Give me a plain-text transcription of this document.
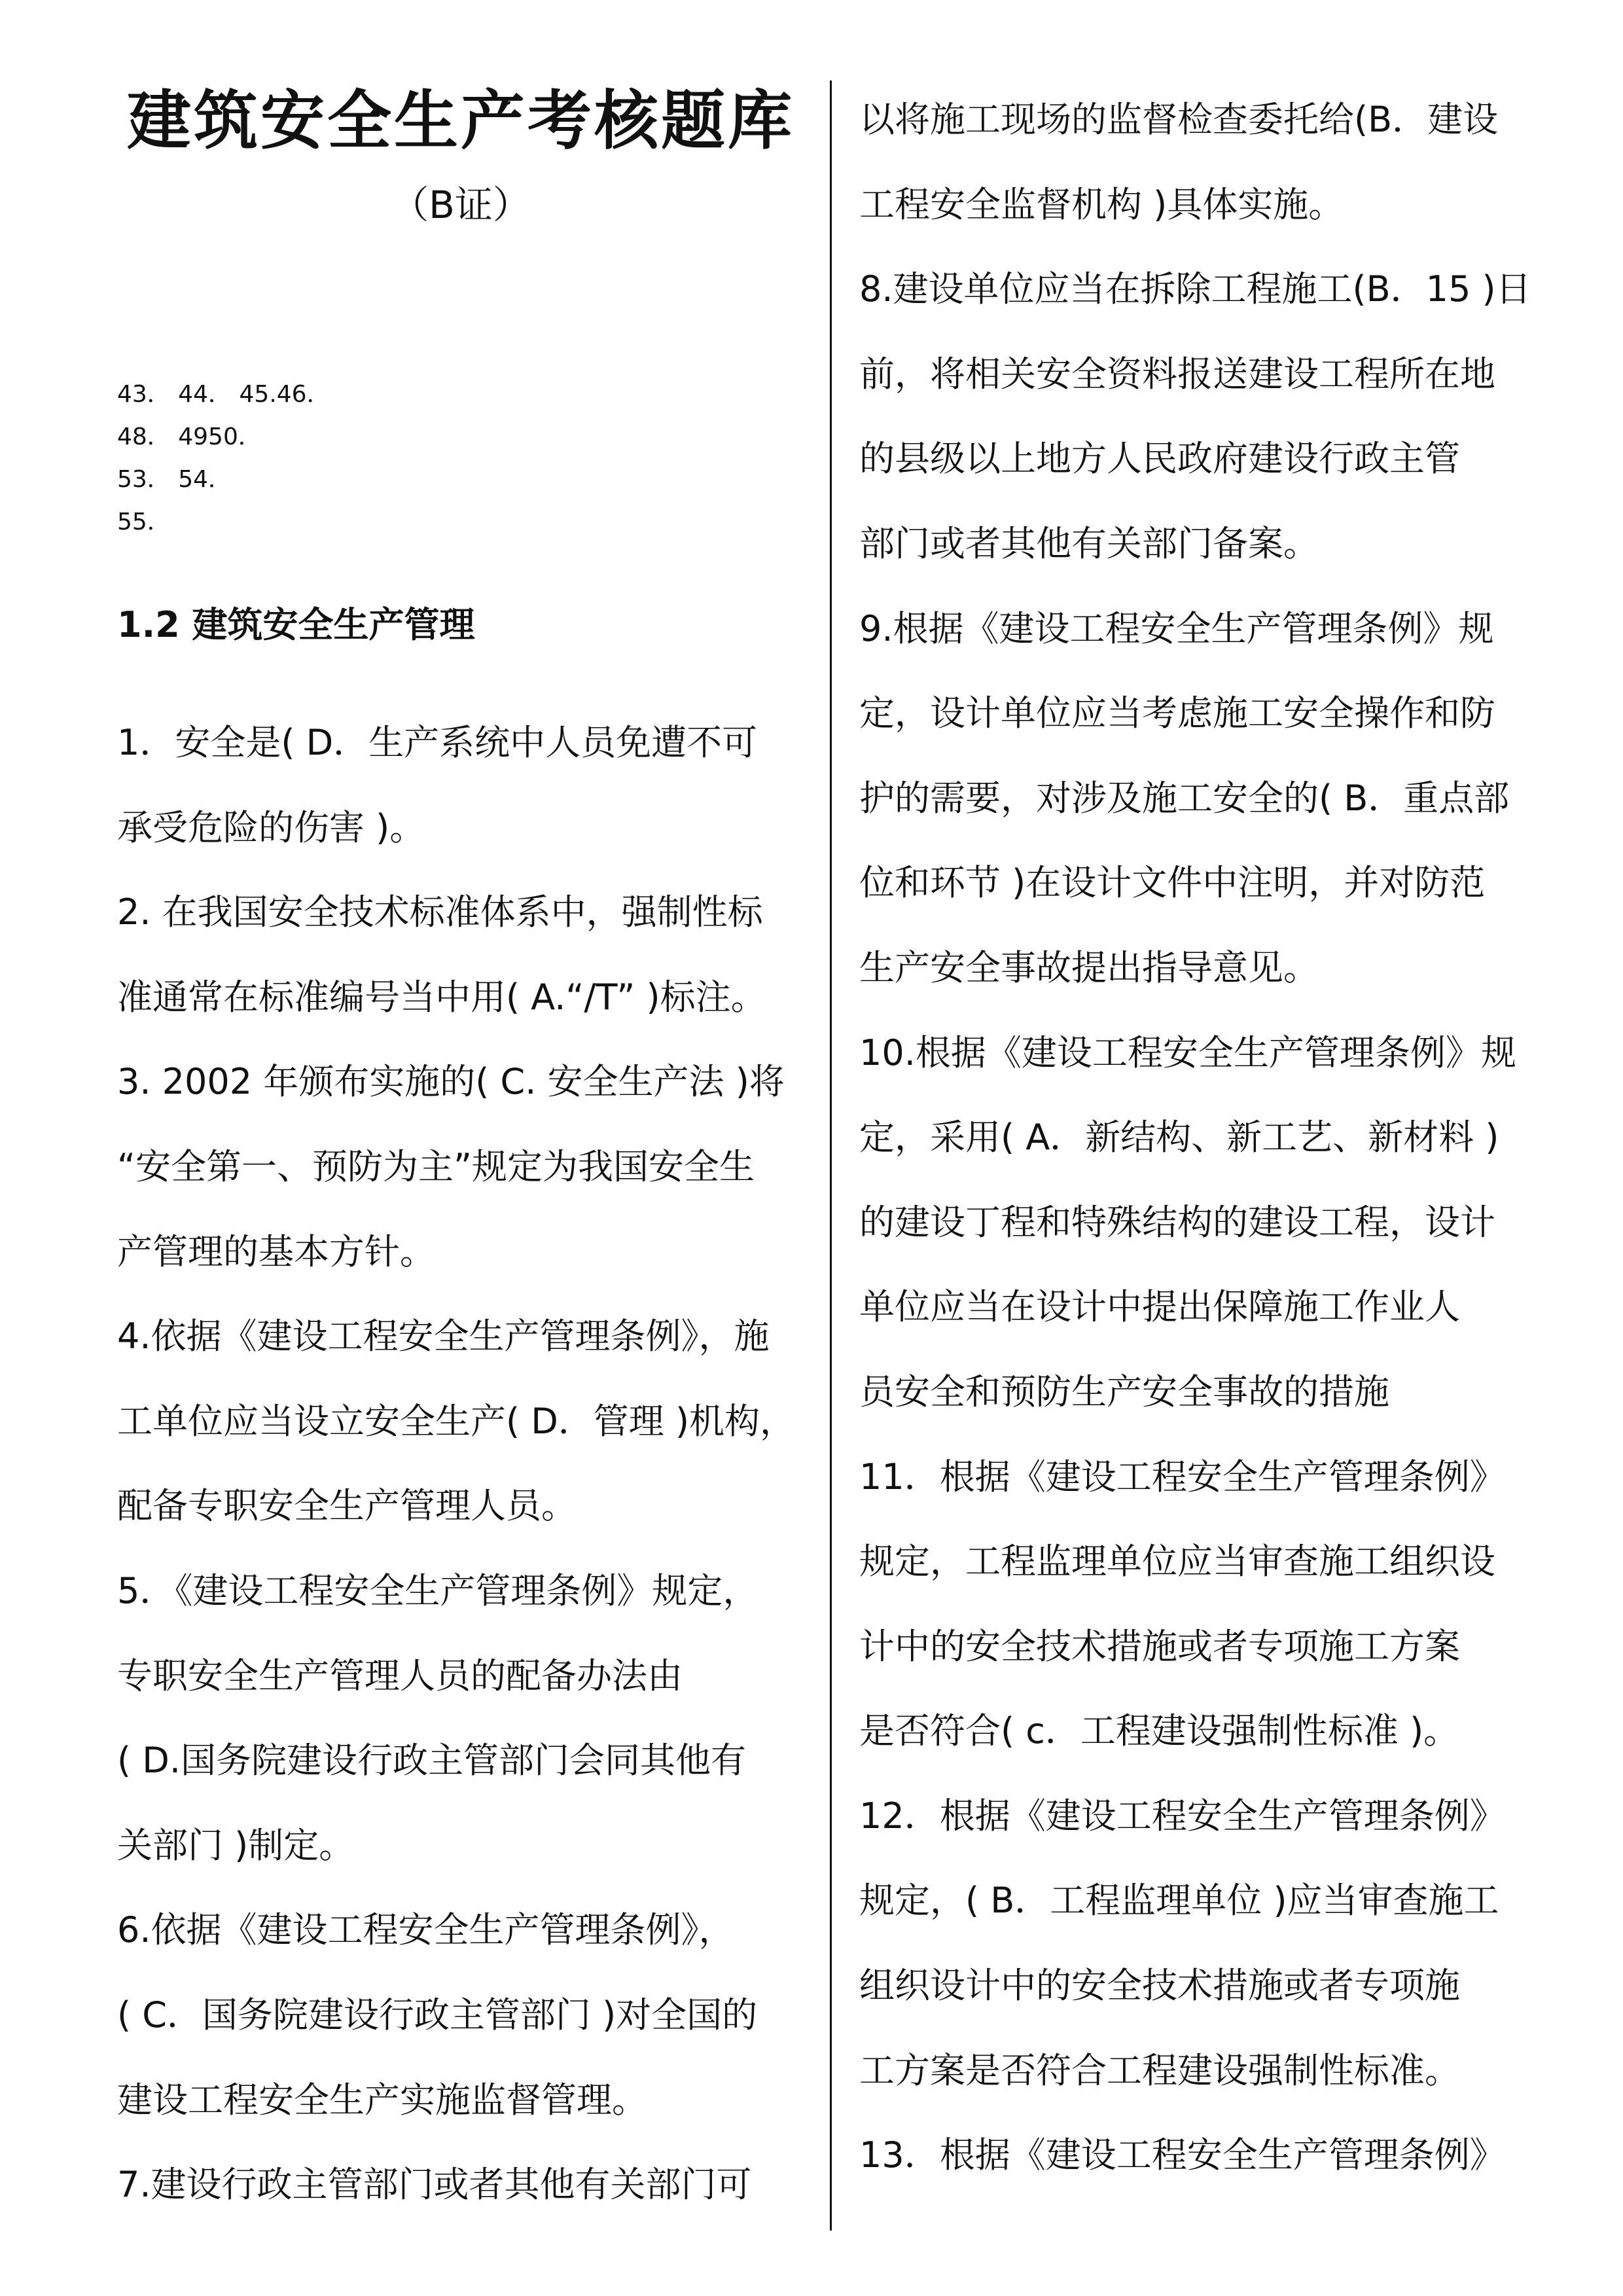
建筑安全生产考核题库
（B证）
43． 44． 45.46．
48． 4950．
53． 54．
55．
1.2 建筑安全生产管理
1．安全是( D．生产系统中人员免遭不可
承受危险的伤害 )。
2. 在我国安全技术标准体系中，强制性标
准通常在标准编号当中用( A.“/T” )标注。
3. 2002 年颁布实施的( C. 安全生产法 )将
“安全第一、预防为主”规定为我国安全生
产管理的基本方针。
4.依据《建设工程安全生产管理条例》，施
工单位应当设立安全生产( D．管理 )机构，
配备专职安全生产管理人员。
5．《建设工程安全生产管理条例》规定，
专职安全生产管理人员的配备办法由
( D.国务院建设行政主管部门会同其他有
关部门 )制定。
6.依据《建设工程安全生产管理条例》，
( C．国务院建设行政主管部门 )对全国的
建设工程安全生产实施监督管理。
7.建设行政主管部门或者其他有关部门可
以将施工现场的监督检查委托给(B．建设
工程安全监督机构 )具体实施。
8.建设单位应当在拆除工程施工(B．15 )日
前，将相关安全资料报送建设工程所在地
的县级以上地方人民政府建设行政主管
部门或者其他有关部门备案。
9.根据《建设工程安全生产管理条例》规
定，设计单位应当考虑施工安全操作和防
护的需要，对涉及施工安全的( B．重点部
位和环节 )在设计文件中注明，并对防范
生产安全事故提出指导意见。
10.根据《建设工程安全生产管理条例》规
定，采用( A．新结构、新工艺、新材料 )
的建设丁程和特殊结构的建设工程，设计
单位应当在设计中提出保障施工作业人
员安全和预防生产安全事故的措施
11．根据《建设工程安全生产管理条例》
规定，工程监理单位应当审查施工组织设
计中的安全技术措施或者专项施工方案
是否符合( c．工程建设强制性标准 )。
12．根据《建设工程安全生产管理条例》
规定，( B．工程监理单位 )应当审查施工
组织设计中的安全技术措施或者专项施
工方案是否符合工程建设强制性标准。
13．根据《建设工程安全生产管理条例》
